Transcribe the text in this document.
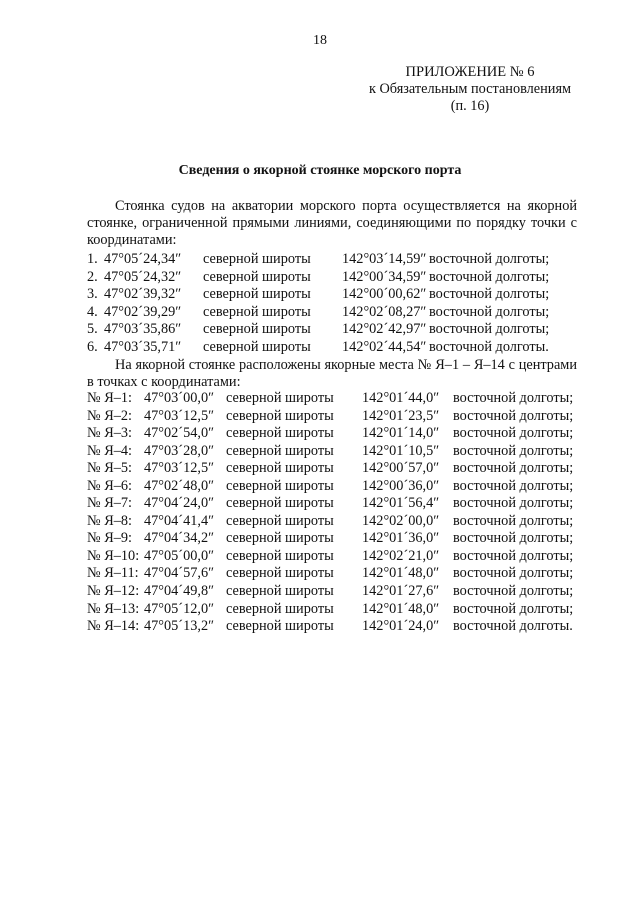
18
ПРИЛОЖЕНИЕ № 6
к Обязательным постановлениям
(п. 16)
Сведения о якорной стоянке морского порта
Стоянка судов на акватории морского порта осуществляется на якорной стоянке, ограниченной прямыми линиями, соединяющими по порядку точки с координатами:
1. 47°05´24,34″ северной широты 142°03´14,59″ восточной долготы;
2. 47°05´24,32″ северной широты 142°00´34,59″ восточной долготы;
3. 47°02´39,32″ северной широты 142°00´00,62″ восточной долготы;
4. 47°02´39,29″ северной широты 142°02´08,27″ восточной долготы;
5. 47°03´35,86″ северной широты 142°02´42,97″ восточной долготы;
6. 47°03´35,71″ северной широты 142°02´44,54″ восточной долготы.
На якорной стоянке расположены якорные места № Я–1 – Я–14 с центрами в точках с координатами:
№ Я–1: 47°03´00,0″ северной широты 142°01´44,0″ восточной долготы;
№ Я–2: 47°03´12,5″ северной широты 142°01´23,5″ восточной долготы;
№ Я–3: 47°02´54,0″ северной широты 142°01´14,0″ восточной долготы;
№ Я–4: 47°03´28,0″ северной широты 142°01´10,5″ восточной долготы;
№ Я–5: 47°03´12,5″ северной широты 142°00´57,0″ восточной долготы;
№ Я–6: 47°02´48,0″ северной широты 142°00´36,0″ восточной долготы;
№ Я–7: 47°04´24,0″ северной широты 142°01´56,4″ восточной долготы;
№ Я–8: 47°04´41,4″ северной широты 142°02´00,0″ восточной долготы;
№ Я–9: 47°04´34,2″ северной широты 142°01´36,0″ восточной долготы;
№ Я–10: 47°05´00,0″ северной широты 142°02´21,0″ восточной долготы;
№ Я–11: 47°04´57,6″ северной широты 142°01´48,0″ восточной долготы;
№ Я–12: 47°04´49,8″ северной широты 142°01´27,6″ восточной долготы;
№ Я–13: 47°05´12,0″ северной широты 142°01´48,0″ восточной долготы;
№ Я–14: 47°05´13,2″ северной широты 142°01´24,0″ восточной долготы.
